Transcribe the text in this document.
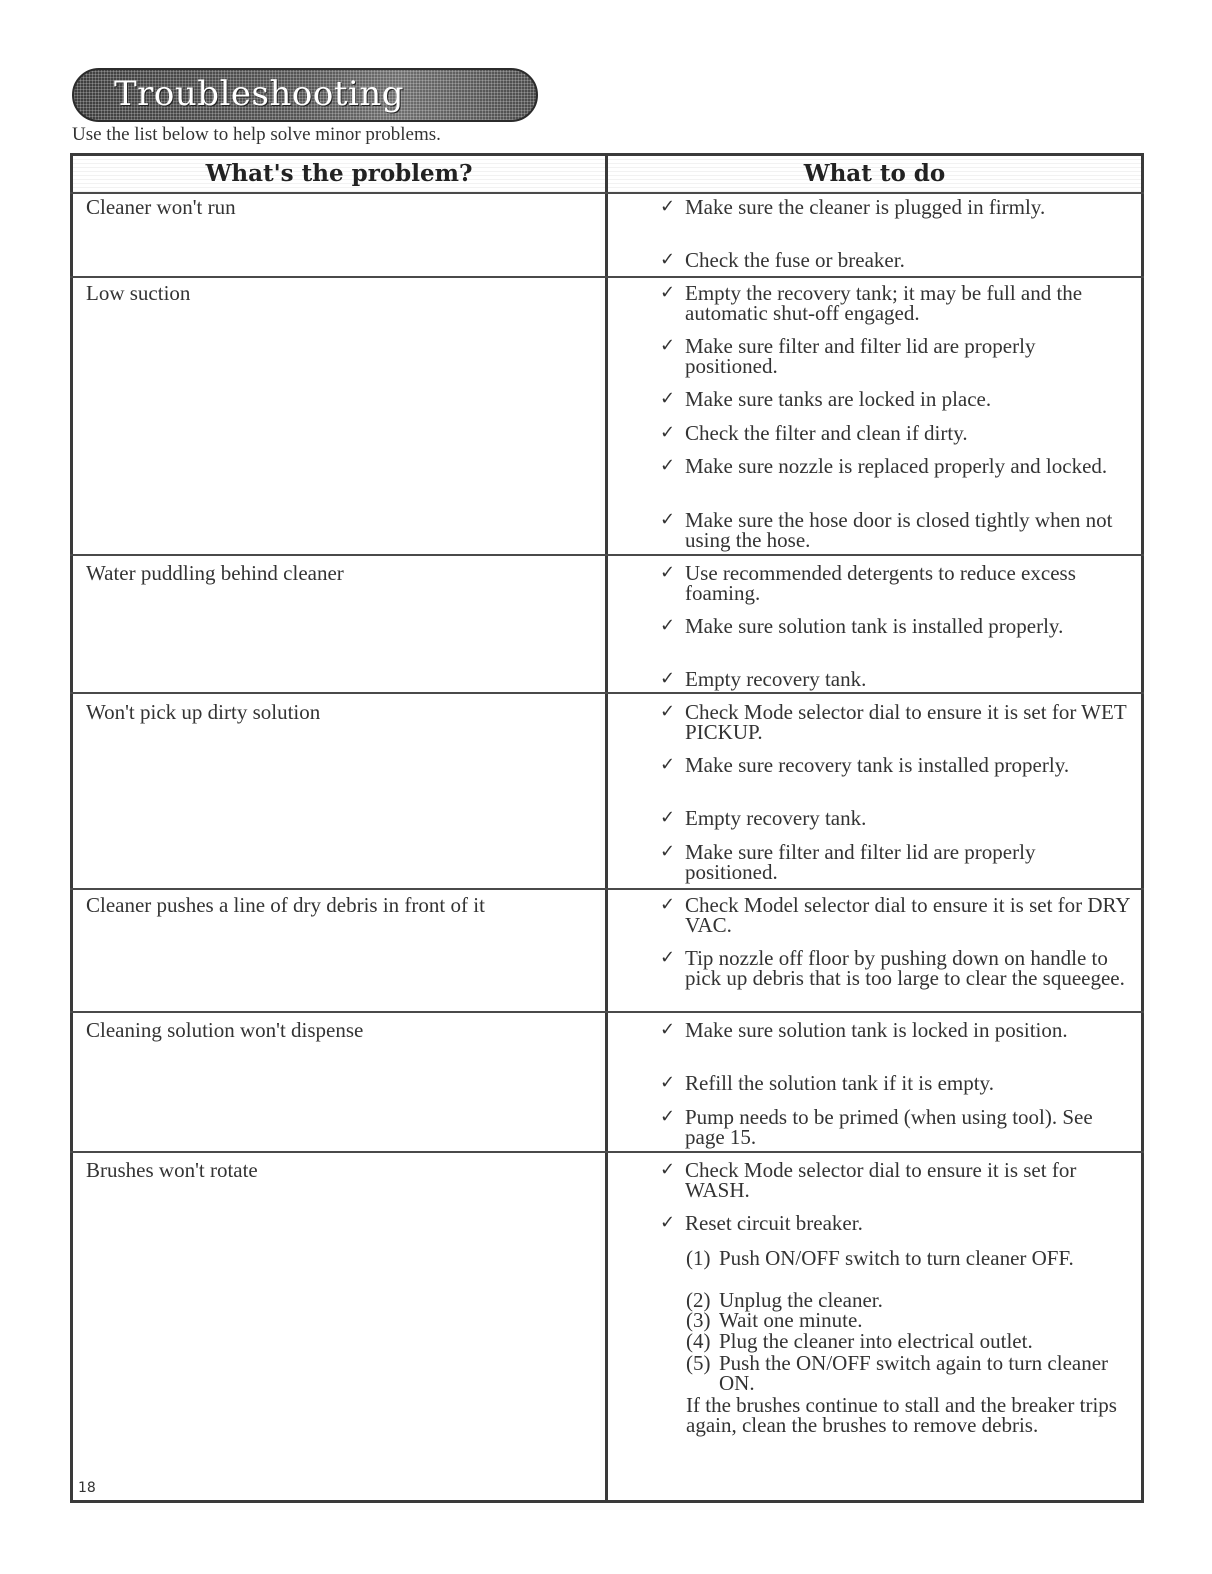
Troubleshooting
Use the list below to help solve minor problems.
What's the problem?	What to do
Cleaner won't run	✓ Make sure the cleaner is plugged in firmly.
✓ Check the fuse or breaker.
Low suction	✓ Empty the recovery tank; it may be full and the automatic shut-off engaged.
✓ Make sure filter and filter lid are properly positioned.
✓ Make sure tanks are locked in place.
✓ Check the filter and clean if dirty.
✓ Make sure nozzle is replaced properly and locked.
✓ Make sure the hose door is closed tightly when not using the hose.
Water puddling behind cleaner	✓ Use recommended detergents to reduce excess foaming.
✓ Make sure solution tank is installed properly.
✓ Empty recovery tank.
Won't pick up dirty solution	✓ Check Mode selector dial to ensure it is set for WET PICKUP.
✓ Make sure recovery tank is installed properly.
✓ Empty recovery tank.
✓ Make sure filter and filter lid are properly positioned.
Cleaner pushes a line of dry debris in front of it	✓ Check Model selector dial to ensure it is set for DRY VAC.
✓ Tip nozzle off floor by pushing down on handle to pick up debris that is too large to clear the squeegee.
Cleaning solution won't dispense	✓ Make sure solution tank is locked in position.
✓ Refill the solution tank if it is empty.
✓ Pump needs to be primed (when using tool). See page 15.
Brushes won't rotate	✓ Check Mode selector dial to ensure it is set for WASH.
✓ Reset circuit breaker.
(1) Push ON/OFF switch to turn cleaner OFF.
(2) Unplug the cleaner.
(3) Wait one minute.
(4) Plug the cleaner into electrical outlet.
(5) Push the ON/OFF switch again to turn cleaner ON.
If the brushes continue to stall and the breaker trips again, clean the brushes to remove debris.
18
